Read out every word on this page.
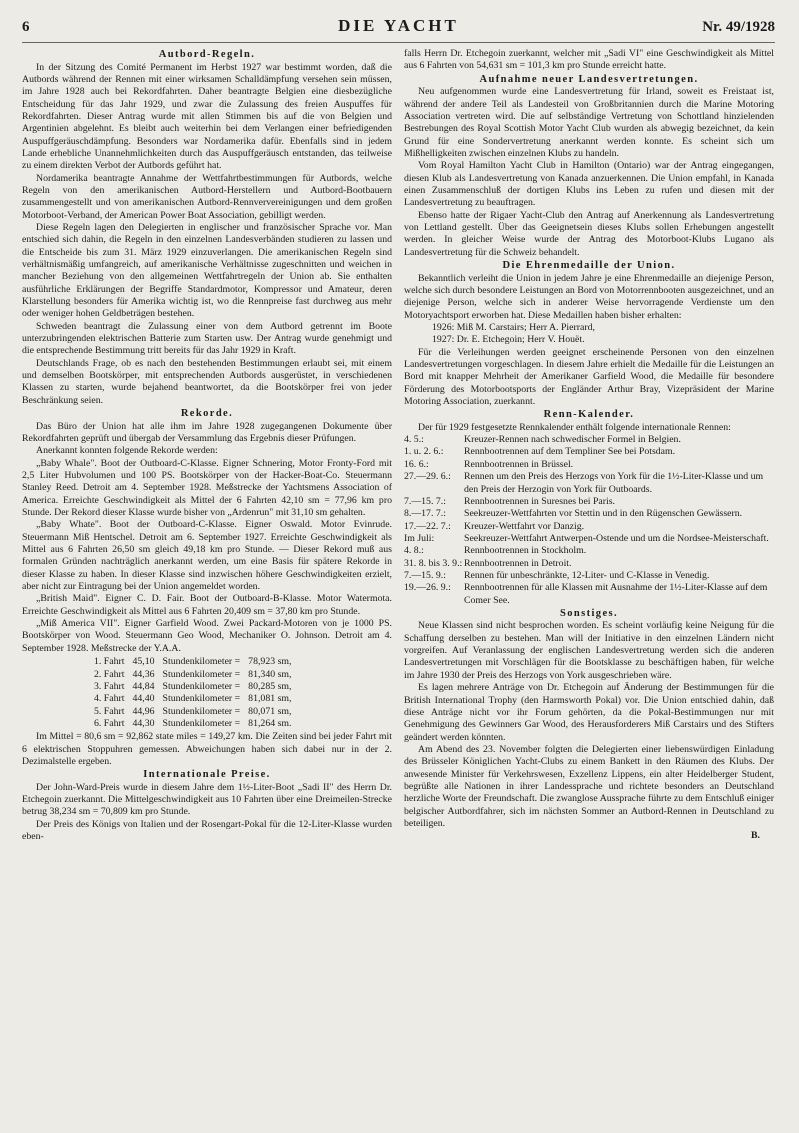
6	DIE YACHT	Nr. 49/1928
Autbord-Regeln.

In der Sitzung des Comité Permanent im Herbst 1927 war bestimmt worden, daß die Autbords während der Rennen mit einer wirksamen Schalldämpfung versehen sein müssen, im Jahre 1928 auch bei Rekordfahrten. Daher beantragte Belgien eine diesbezügliche Entscheidung für das Jahr 1929, und zwar die Zulassung des freien Auspuffes für Rekordfahrten. Dieser Antrag wurde mit allen Stimmen bis auf die von Belgien und Argentinien abgelehnt. Es bleibt auch weiterhin bei dem Verlangen einer befriedigenden Auspuffgeräuschdämpfung. Besonders war Nordamerika dafür. Ebenfalls sind in jedem Lande erhebliche Unannehmlichkeiten durch das Auspuffgeräusch entstanden, das teilweise zu einem direkten Verbot der Autbords geführt hat.

Nordamerika beantragte Annahme der Wettfahrtbestimmungen für Autbords, welche Regeln von den amerikanischen Autbord-Herstellern und Autbord-Bootbauern zusammengestellt und von amerikanischen Autbord-Rennververeinigungen und dem großen Motorboot-Verband, der American Power Boat Association, gebilligt werden.

Diese Regeln lagen den Delegierten in englischer und französischer Sprache vor. Man entschied sich dahin, die Regeln in den einzelnen Landesverbänden studieren zu lassen und die Entscheide bis zum 31. März 1929 einzuverlangen. Die amerikanischen Regeln sind verhältnismäßig umfangreich, auf amerikanische Verhältnisse zugeschnitten und weichen in mancher Beziehung von den allgemeinen Wettfahrtregeln der Union ab. Sie enthalten ausführliche Erklärungen der Begriffe Standardmotor, Kompressor und Amateur, deren Klarstellung besonders für Amerika wichtig ist, wo die Rennpreise fast durchweg aus mehr oder weniger hohen Geldbeträgen bestehen.

Schweden beantragt die Zulassung einer von dem Autbord getrennt im Boote unterzubringenden elektrischen Batterie zum Starten usw. Der Antrag wurde genehmigt und die entsprechende Bestimmung tritt bereits für das Jahr 1929 in Kraft.

Deutschlands Frage, ob es nach den bestehenden Bestimmungen erlaubt sei, mit einem und demselben Bootskörper, mit entsprechenden Autbords ausgerüstet, in verschiedenen Klassen zu starten, wurde bejahend beantwortet, da die Bootskörper frei von jeder Beschränkung seien.

Rekorde.

Das Büro der Union hat alle ihm im Jahre 1928 zugegangenen Dokumente über Rekordfahrten geprüft und übergab der Versammlung das Ergebnis dieser Prüfungen.

Anerkannt konnten folgende Rekorde werden:

„Baby Whale". Boot der Outboard-C-Klasse. Eigner Schnering, Motor Fronty-Ford mit 2,5 Liter Hubvolumen und 100 PS. Bootskörper von der Hacker-Boat-Co. Steuermann Stanley Reed. Detroit am 4. September 1928. Meßstrecke der Yachtsmens Association of America. Erreichte Geschwindigkeit als Mittel der 6 Fahrten 42,10 sm = 77,96 km pro Stunde. Der Rekord dieser Klasse wurde bisher von „Ardenrun" mit 31,10 sm gehalten.

„Baby Whate". Boot der Outboard-C-Klasse. Eigner Oswald. Motor Evinrude. Steuermann Miß Hentschel. Detroit am 6. September 1927. Erreichte Geschwindigkeit als Mittel aus 6 Fahrten 26,50 sm gleich 49,18 km pro Stunde. — Dieser Rekord muß aus formalen Gründen nachträglich anerkannt werden, um eine Basis für spätere Rekorde in dieser Klasse zu haben. In dieser Klasse sind inzwischen höhere Geschwindigkeiten erzielt, aber nicht zur Eintragung bei der Union angemeldet worden.

„British Maid". Eigner C. D. Fair. Boot der Outboard-B-Klasse. Motor Watermota. Erreichte Geschwindigkeit als Mittel aus 6 Fahrten 20,409 sm = 37,80 km pro Stunde.

„Miß America VII". Eigner Garfield Wood. Zwei Packard-Motoren von je 1000 PS. Bootskörper von Wood. Steuermann Geo Wood, Mechaniker O. Johnson. Detroit am 4. September 1928. Meßstrecke der Y.A.A.

1. Fahrt	45,10	Stundenkilometer =	78,923 sm,
2. Fahrt	44,36	Stundenkilometer =	81,340 sm,
3. Fahrt	44,84	Stundenkilometer =	80,285 sm,
4. Fahrt	44,40	Stundenkilometer =	81,081 sm,
5. Fahrt	44,96	Stundenkilometer =	80,071 sm,
6. Fahrt	44,30	Stundenkilometer =	81,264 sm.

Im Mittel = 80,6 sm = 92,862 state miles = 149,27 km. Die Zeiten sind bei jeder Fahrt mit 6 elektrischen Stoppuhren gemessen. Abweichungen haben sich dabei nur in der 2. Dezimalstelle ergeben.

Internationale Preise.

Der John-Ward-Preis wurde in diesem Jahre dem 1½-Liter-Boot „Sadi II" des Herrn Dr. Etchegoin zuerkannt. Die Mittelgeschwindigkeit aus 10 Fahrten über eine Dreimeilen-Strecke betrug 38,234 sm = 70,809 km pro Stunde.

Der Preis des Königs von Italien und der Rosengart-Pokal für die 12-Liter-Klasse wurden eben-

falls Herrn Dr. Etchegoin zuerkannt, welcher mit „Sadi VI" eine Geschwindigkeit als Mittel aus 6 Fahrten von 54,631 sm = 101,3 km pro Stunde erreicht hatte.

Aufnahme neuer Landesvertretungen.

Neu aufgenommen wurde eine Landesvertretung für Irland, soweit es Freistaat ist, während der andere Teil als Landesteil von Großbritannien durch die Marine Motoring Association vertreten wird. Die auf selbständige Vertretung von Schottland hinzielenden Bestrebungen des Royal Scottish Motor Yacht Club wurden als abwegig bezeichnet, da kein Grund für eine Sondervertretung anerkannt werden konnte. Es scheint sich um Mißhelligkeiten zwischen einzelnen Klubs zu handeln.

Vom Royal Hamilton Yacht Club in Hamilton (Ontario) war der Antrag eingegangen, diesen Klub als Landesvertretung von Kanada anzuerkennen. Die Union empfahl, in Kanada einen Zusammenschluß der dortigen Klubs ins Leben zu rufen und diesen mit der Landesvertretung zu beauftragen.

Ebenso hatte der Rigaer Yacht-Club den Antrag auf Anerkennung als Landesvertretung von Lettland gestellt. Über das Geeignetsein dieses Klubs sollen Erhebungen angestellt werden. In gleicher Weise wurde der Antrag des Motorboot-Klubs Lugano als Landesvertretung für die Schweiz behandelt.

Die Ehrenmedaille der Union.

Bekanntlich verleiht die Union in jedem Jahre je eine Ehrenmedaille an diejenige Person, welche sich durch besondere Leistungen an Bord von Motorrennbooten ausgezeichnet, und an diejenige Person, welche sich in anderer Weise hervorragende Verdienste um den Motoryachtsport erworben hat. Diese Medaillen haben bisher erhalten:

1926: Miß M. Carstairs; Herr A. Pierrard,
1927: Dr. E. Etchegoin; Herr V. Houët.

Für die Verleihungen werden geeignet erscheinende Personen von den einzelnen Landesvertretungen vorgeschlagen. In diesem Jahre erhielt die Medaille für die Leistungen an Bord mit knapper Mehrheit der Amerikaner Garfield Wood, die Medaille für besondere Förderung des Motorbootsports der Engländer Arthur Bray, Vizepräsident der Marine Motoring Association, zuerkannt.

Renn-Kalender.

Der für 1929 festgesetzte Rennkalender enthält folgende internationale Rennen:

4. 5.:	Kreuzer-Rennen nach schwedischer Formel in Belgien.
1. u. 2. 6.:	Rennbootrennen auf dem Templiner See bei Potsdam.
16. 6.:	Rennbootrennen in Brüssel.
27.—29. 6.:	Rennen um den Preis des Herzogs von York für die 1½-Liter-Klasse und um den Preis der Herzogin von York für Outboards.
7.—15. 7.:	Rennbootrennen in Suresnes bei Paris.
8.—17. 7.:	Seekreuzer-Wettfahrten vor Stettin und in den Rügenschen Gewässern.
17.—22. 7.:	Kreuzer-Wettfahrt vor Danzig.
Im Juli:	Seekreuzer-Wettfahrt Antwerpen-Ostende und um die Nordsee-Meisterschaft.
4. 8.:	Rennbootrennen in Stockholm.
31. 8. bis 3. 9.: Rennbootrennen in Detroit.
7.—15. 9.:	Rennen für unbeschränkte, 12-Liter- und C-Klasse in Venedig.
19.—26. 9.:	Rennbootrennen für alle Klassen mit Ausnahme der 1½-Liter-Klasse auf dem Comer See.
Sonstiges.

Neue Klassen sind nicht besprochen worden. Es scheint vorläufig keine Neigung für die Schaffung derselben zu bestehen. Man will der Initiative in den einzelnen Ländern nicht vorgreifen. Auf Veranlassung der englischen Landesvertretung werden sich die anderen Landesvertretungen mit Vorschlägen für die Bootsklasse zu beschäftigen haben, für welche im Jahre 1930 der Preis des Herzogs von York ausgeschrieben wäre.

Es lagen mehrere Anträge von Dr. Etchegoin auf Änderung der Bestimmungen für die British International Trophy (den Harmsworth Pokal) vor. Die Union entschied dahin, daß diese Anträge nicht vor ihr Forum gehörten, da die Pokal-Bestimmungen nur mit Genehmigung des Gewinners Gar Wood, des Herausforderers Miß Carstairs und des Stifters geändert werden könnten.

Am Abend des 23. November folgten die Delegierten einer liebenswürdigen Einladung des Brüsseler Königlichen Yacht-Clubs zu einem Bankett in den Räumen des Klubs. Der anwesende Minister für Verkehrswesen, Exzellenz Lippens, ein alter Heidelberger Student, begrüßte alle Nationen in ihrer Landessprache und richtete besonders an Deutschland herzliche Worte der Freundschaft. Die zwanglose Aussprache führte zu dem Entschluß einiger belgischer Autbordfahrer, sich im nächsten Sommer an Autbord-Rennen in Deutschland zu beteiligen.

B.
